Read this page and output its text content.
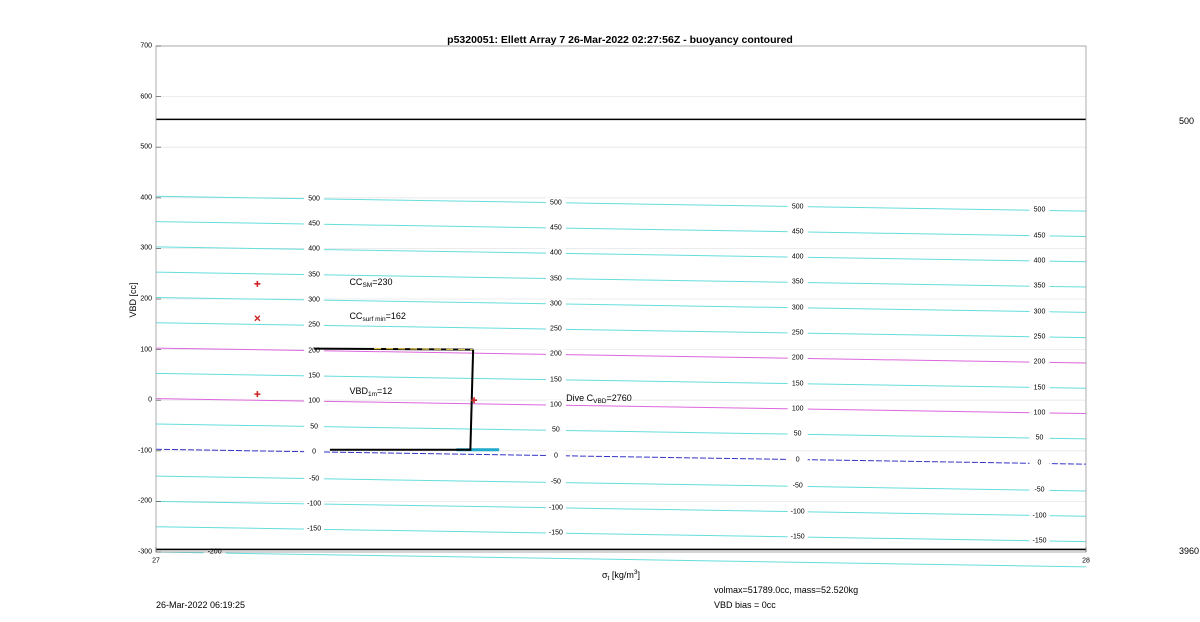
-300
-200
-100
0
100
200
300
400
500
600
700
27	28
-150
-150
-150
-150
-100
-100
-100
-100
-50
-50
-50
-50
0
0
0
0
50
50
50
50
100
100
100
100
150
150
150
150
200
200
200
200
250
250
250
250
300
300
300
300
350
350
350
350
400
400
400
400
450
450
450
450
500
500
500
500
-200
$CC_{SM}=230$
$CC_{surf min}=162$
$VBD_{1m}=12$
Dive $C_{VBD}=2760$
p5320051: Ellett Array 7 26-Mar-2022 02:27:56Z - buoyancy contoured
VBD [cc]
$\sigma_t$ $[kg/m^3]$
500
3960
26-Mar-2022 06:19:25
volmax=51789.0cc, mass=52.520kg
VBD bias = 0cc
